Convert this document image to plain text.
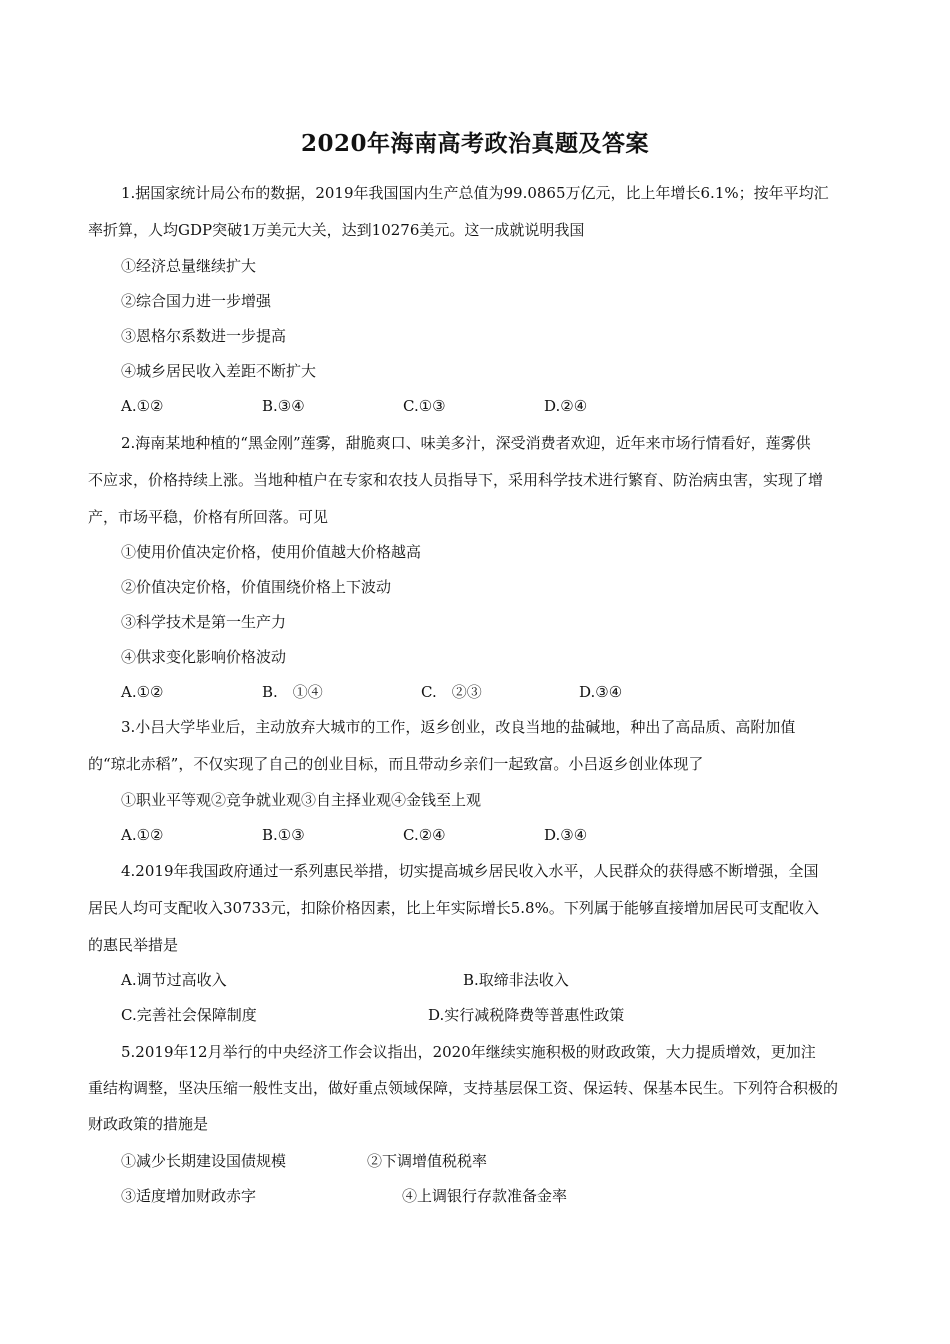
2020年海南高考政治真题及答案
1.据国家统计局公布的数据，2019年我国国内生产总值为99.0865万亿元，比上年增长6.1%；按年平均汇
率折算，人均GDP突破1万美元大关，达到10276美元。这一成就说明我国
①经济总量继续扩大
②综合国力进一步增强
③恩格尔系数进一步提高
④城乡居民收入差距不断扩大
A.①②	B.③④	C.①③	D.②④
2.海南某地种植的“黑金刚”莲雾，甜脆爽口、味美多汁，深受消费者欢迎，近年来市场行情看好，莲雾供
不应求，价格持续上涨。当地种植户在专家和农技人员指导下，采用科学技术进行繁育、防治病虫害，实现了增
产，市场平稳，价格有所回落。可见
①使用价值决定价格，使用价值越大价格越高
②价值决定价格，价值围绕价格上下波动
③科学技术是第一生产力
④供求变化影响价格波动
A.①②	B.　①④	C.　②③	D.③④
3.小吕大学毕业后，主动放弃大城市的工作，返乡创业，改良当地的盐碱地，种出了高品质、高附加值
的“琼北赤稻”，不仅实现了自己的创业目标，而且带动乡亲们一起致富。小吕返乡创业体现了
①职业平等观②竞争就业观③自主择业观④金钱至上观
A.①②	B.①③	C.②④	D.③④
4.2019年我国政府通过一系列惠民举措，切实提高城乡居民收入水平，人民群众的获得感不断增强，全国
居民人均可支配收入30733元，扣除价格因素，比上年实际增长5.8%。下列属于能够直接增加居民可支配收入
的惠民举措是
A.调节过高收入	B.取缔非法收入
C.完善社会保障制度	D.实行减税降费等普惠性政策
5.2019年12月举行的中央经济工作会议指出，2020年继续实施积极的财政政策，大力提质增效，更加注
重结构调整，坚决压缩一般性支出，做好重点领域保障，支持基层保工资、保运转、保基本民生。下列符合积极的
财政政策的措施是
①减少长期建设国债规模	②下调增值税税率
③适度增加财政赤字	④上调银行存款准备金率
